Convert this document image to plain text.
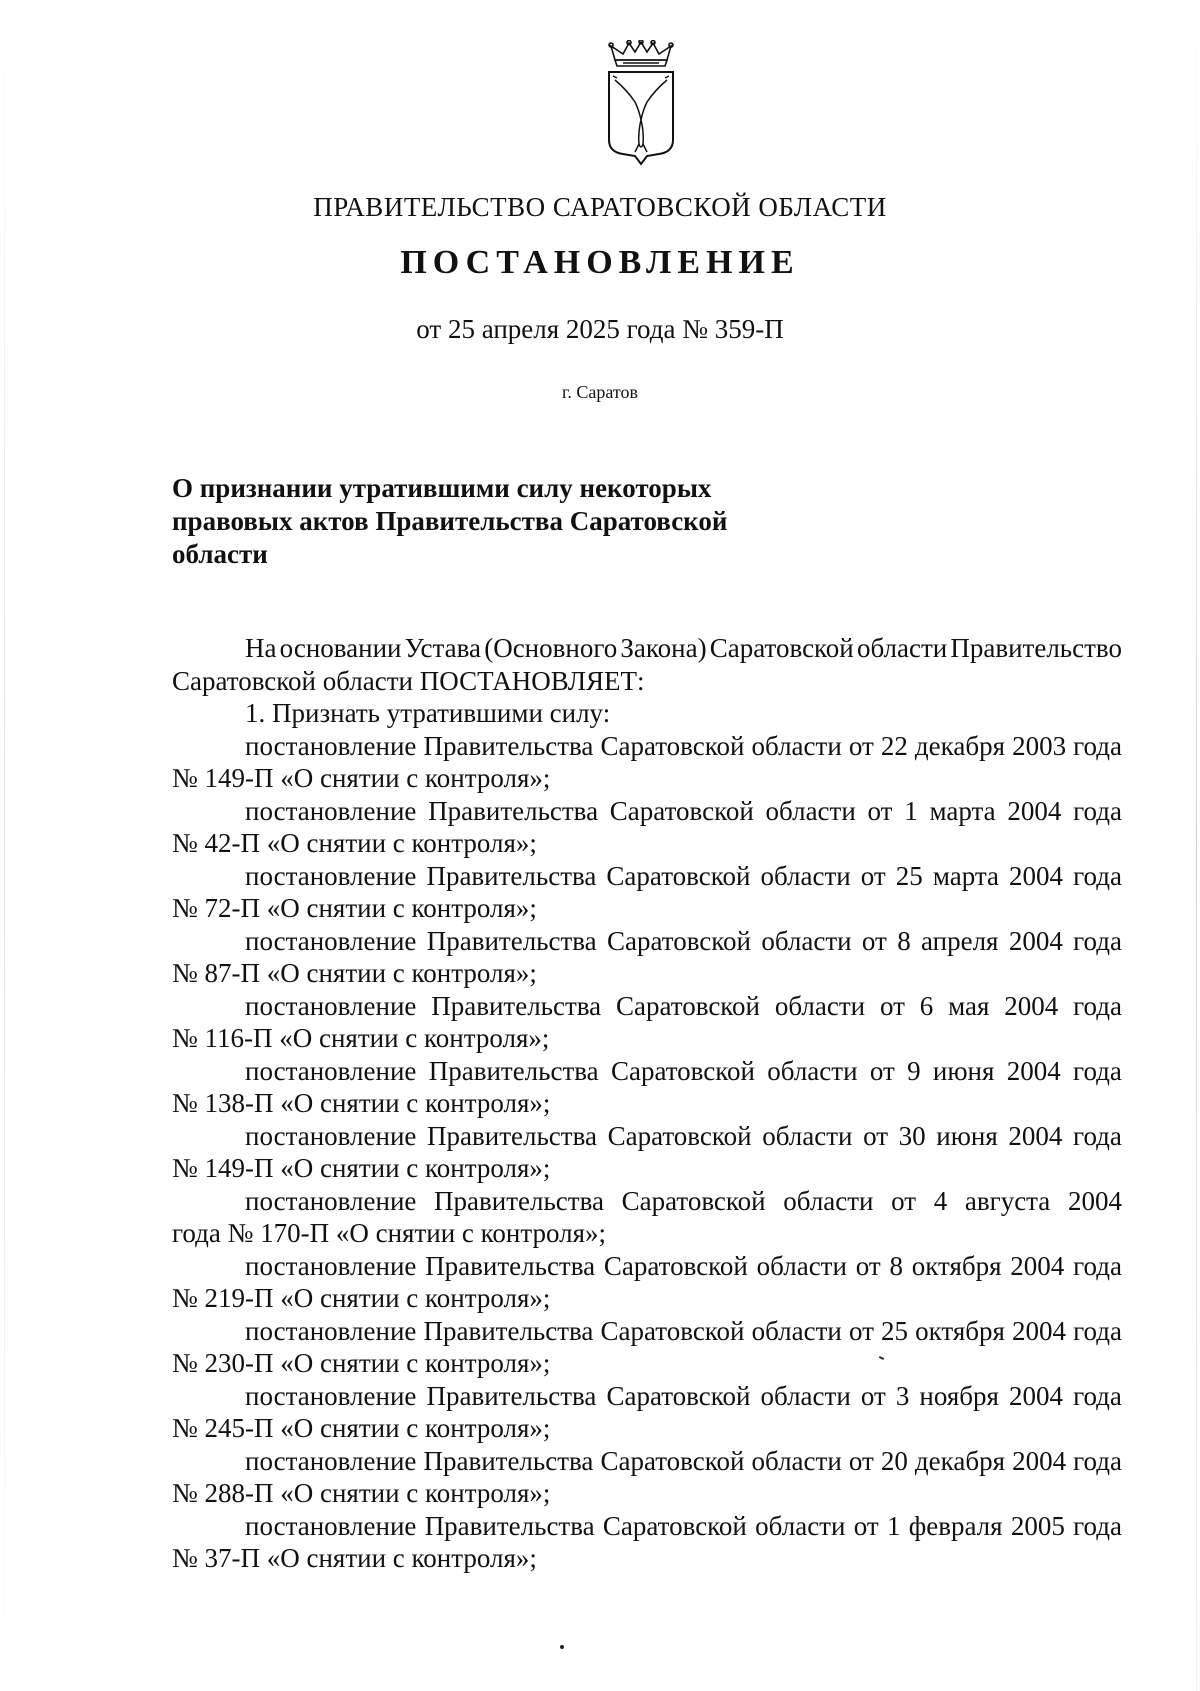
ПРАВИТЕЛЬСТВО САРАТОВСКОЙ ОБЛАСТИ
ПОСТАНОВЛЕНИЕ
от 25 апреля 2025 года № 359-П
г. Саратов
О признании утратившими силу некоторых
правовых актов Правительства Саратовской
области
На основании Устава (Основного Закона) Саратовской области Правительство
Саратовской области ПОСТАНОВЛЯЕТ:
1. Признать утратившими силу:
постановление Правительства Саратовской области от 22 декабря 2003 года
№ 149-П «О снятии с контроля»;
постановление Правительства Саратовской области от 1 марта 2004 года
№ 42-П «О снятии с контроля»;
постановление Правительства Саратовской области от 25 марта 2004 года
№ 72-П «О снятии с контроля»;
постановление Правительства Саратовской области от 8 апреля 2004 года
№ 87-П «О снятии с контроля»;
постановление Правительства Саратовской области от 6 мая 2004 года
№ 116-П «О снятии с контроля»;
постановление Правительства Саратовской области от 9 июня 2004 года
№ 138-П «О снятии с контроля»;
постановление Правительства Саратовской области от 30 июня 2004 года
№ 149-П «О снятии с контроля»;
постановление Правительства Саратовской области от 4 августа 2004
года № 170-П «О снятии с контроля»;
постановление Правительства Саратовской области от 8 октября 2004 года
№ 219-П «О снятии с контроля»;
постановление Правительства Саратовской области от 25 октября 2004 года
№ 230-П «О снятии с контроля»;
постановление Правительства Саратовской области от 3 ноября 2004 года
№ 245-П «О снятии с контроля»;
постановление Правительства Саратовской области от 20 декабря 2004 года
№ 288-П «О снятии с контроля»;
постановление Правительства Саратовской области от 1 февраля 2005 года
№ 37-П «О снятии с контроля»;
